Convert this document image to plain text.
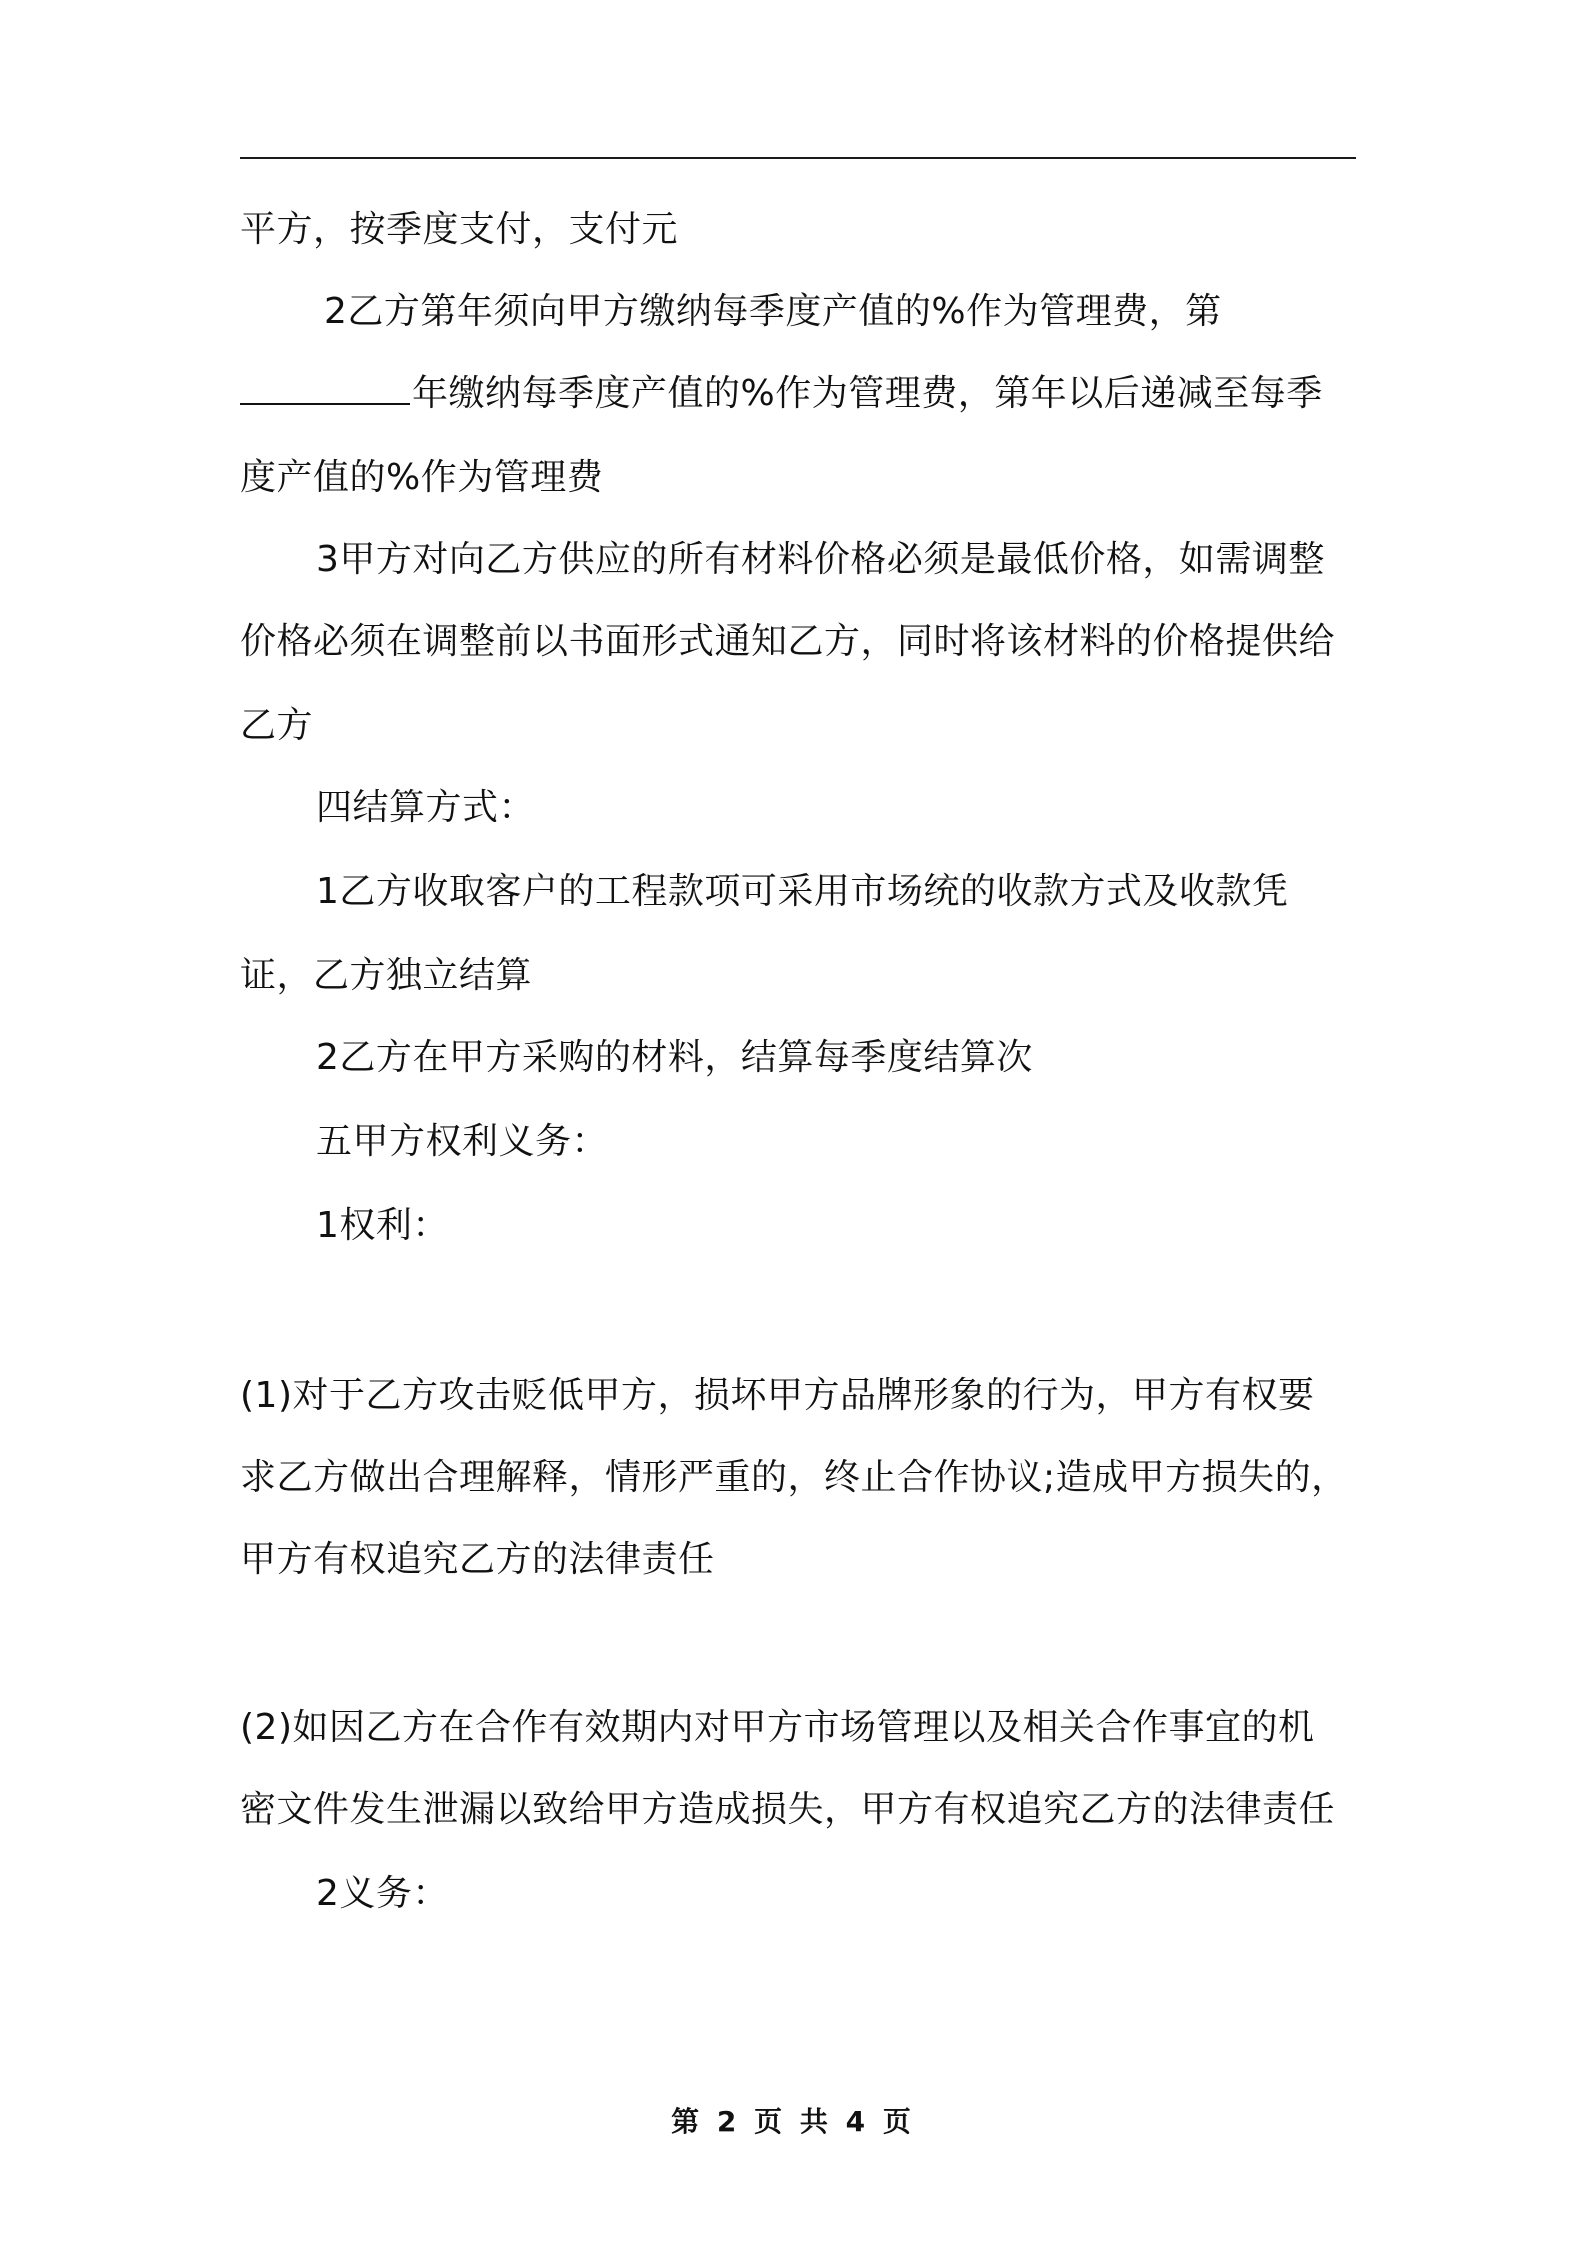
平方，按季度支付，支付元
2乙方第年须向甲方缴纳每季度产值的%作为管理费，第
年缴纳每季度产值的%作为管理费，第年以后递减至每季
度产值的%作为管理费
3甲方对向乙方供应的所有材料价格必须是最低价格，如需调整
价格必须在调整前以书面形式通知乙方，同时将该材料的价格提供给
乙方
四结算方式：
1乙方收取客户的工程款项可采用市场统的收款方式及收款凭
证，乙方独立结算
2乙方在甲方采购的材料，结算每季度结算次
五甲方权利义务：
1权利：
(1)对于乙方攻击贬低甲方，损坏甲方品牌形象的行为，甲方有权要
求乙方做出合理解释，情形严重的，终止合作协议;造成甲方损失的，
甲方有权追究乙方的法律责任
(2)如因乙方在合作有效期内对甲方市场管理以及相关合作事宜的机
密文件发生泄漏以致给甲方造成损失，甲方有权追究乙方的法律责任
2义务：
第 2 页 共 4 页
